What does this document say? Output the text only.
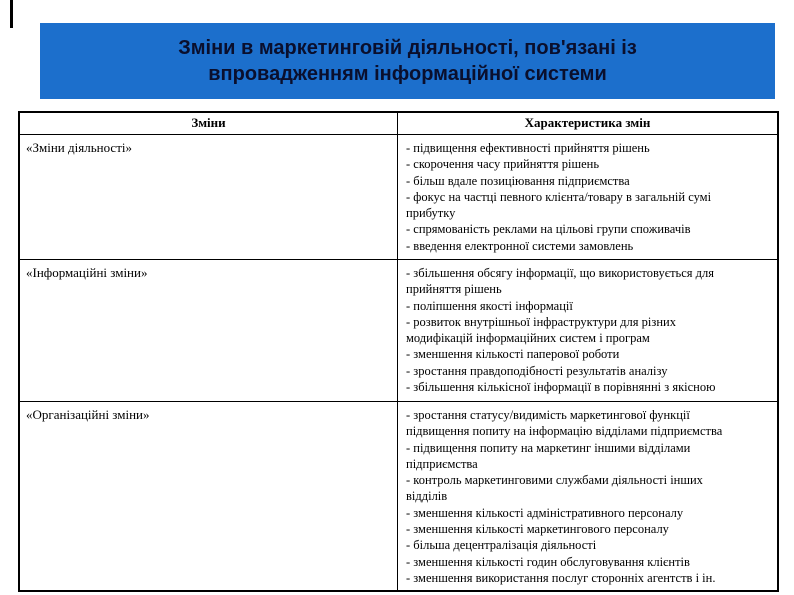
Зміни в маркетинговій діяльності, пов'язані із впровадженням інформаційної системи
Зміни	Характеристика змін
«Зміни діяльності»	- підвищення ефективності прийняття рішень
- скорочення часу прийняття рішень
- більш вдале позиціювання підприємства
- фокус на частці певного клієнта/товару в загальній сумі
прибутку
- спрямованість реклами на цільові групи споживачів
- введення електронної системи замовлень
«Інформаційні зміни»	- збільшення обсягу інформації, що використовується для
прийняття рішень
- поліпшення якості інформації
- розвиток внутрішньої інфраструктури для різних
модифікацій інформаційних систем і програм
- зменшення кількості паперової роботи
- зростання правдоподібності результатів аналізу
- збільшення кількісної інформації в порівнянні з якісною
«Організаційні зміни»	- зростання статусу/видимість маркетингової функції
підвищення попиту на інформацію відділами підприємства
- підвищення попиту на маркетинг іншими відділами
підприємства
- контроль маркетинговими службами діяльності інших
відділів
- зменшення кількості адміністративного персоналу
- зменшення кількості маркетингового персоналу
- більша децентралізація діяльності
- зменшення кількості годин обслуговування клієнтів
- зменшення використання послуг сторонніх агентств і ін.
